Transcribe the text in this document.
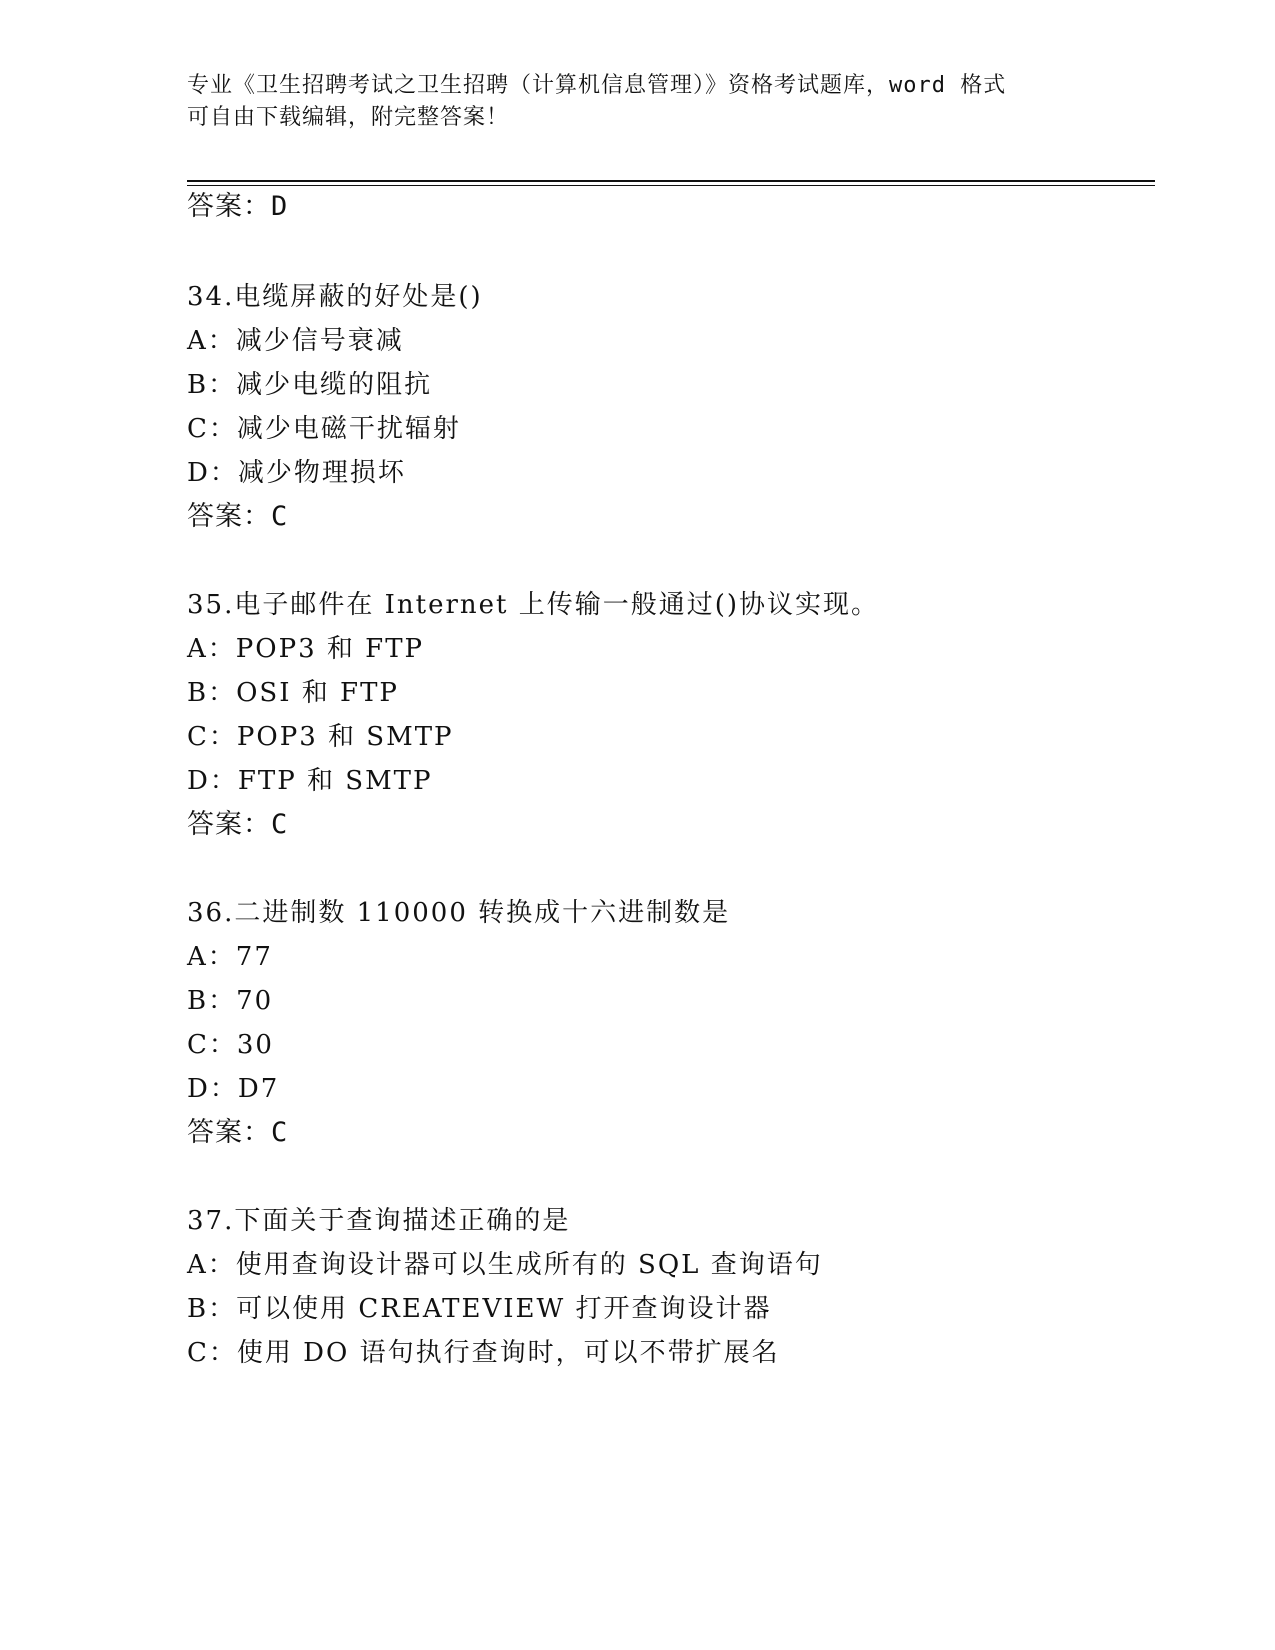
专业《卫生招聘考试之卫生招聘（计算机信息管理）》资格考试题库，word 格式
可自由下载编辑，附完整答案！
答案：D
34.电缆屏蔽的好处是()
A：减少信号衰减
B：减少电缆的阻抗
C：减少电磁干扰辐射
D：减少物理损坏
答案：C
35.电子邮件在 Internet 上传输一般通过()协议实现。
A：POP3 和 FTP
B：OSI 和 FTP
C：POP3 和 SMTP
D：FTP 和 SMTP
答案：C
36.二进制数 110000 转换成十六进制数是
A：77
B：70
C：30
D：D7
答案：C
37.下面关于查询描述正确的是
A：使用查询设计器可以生成所有的 SQL 查询语句
B：可以使用 CREATEVIEW 打开查询设计器
C：使用 DO 语句执行查询时，可以不带扩展名
